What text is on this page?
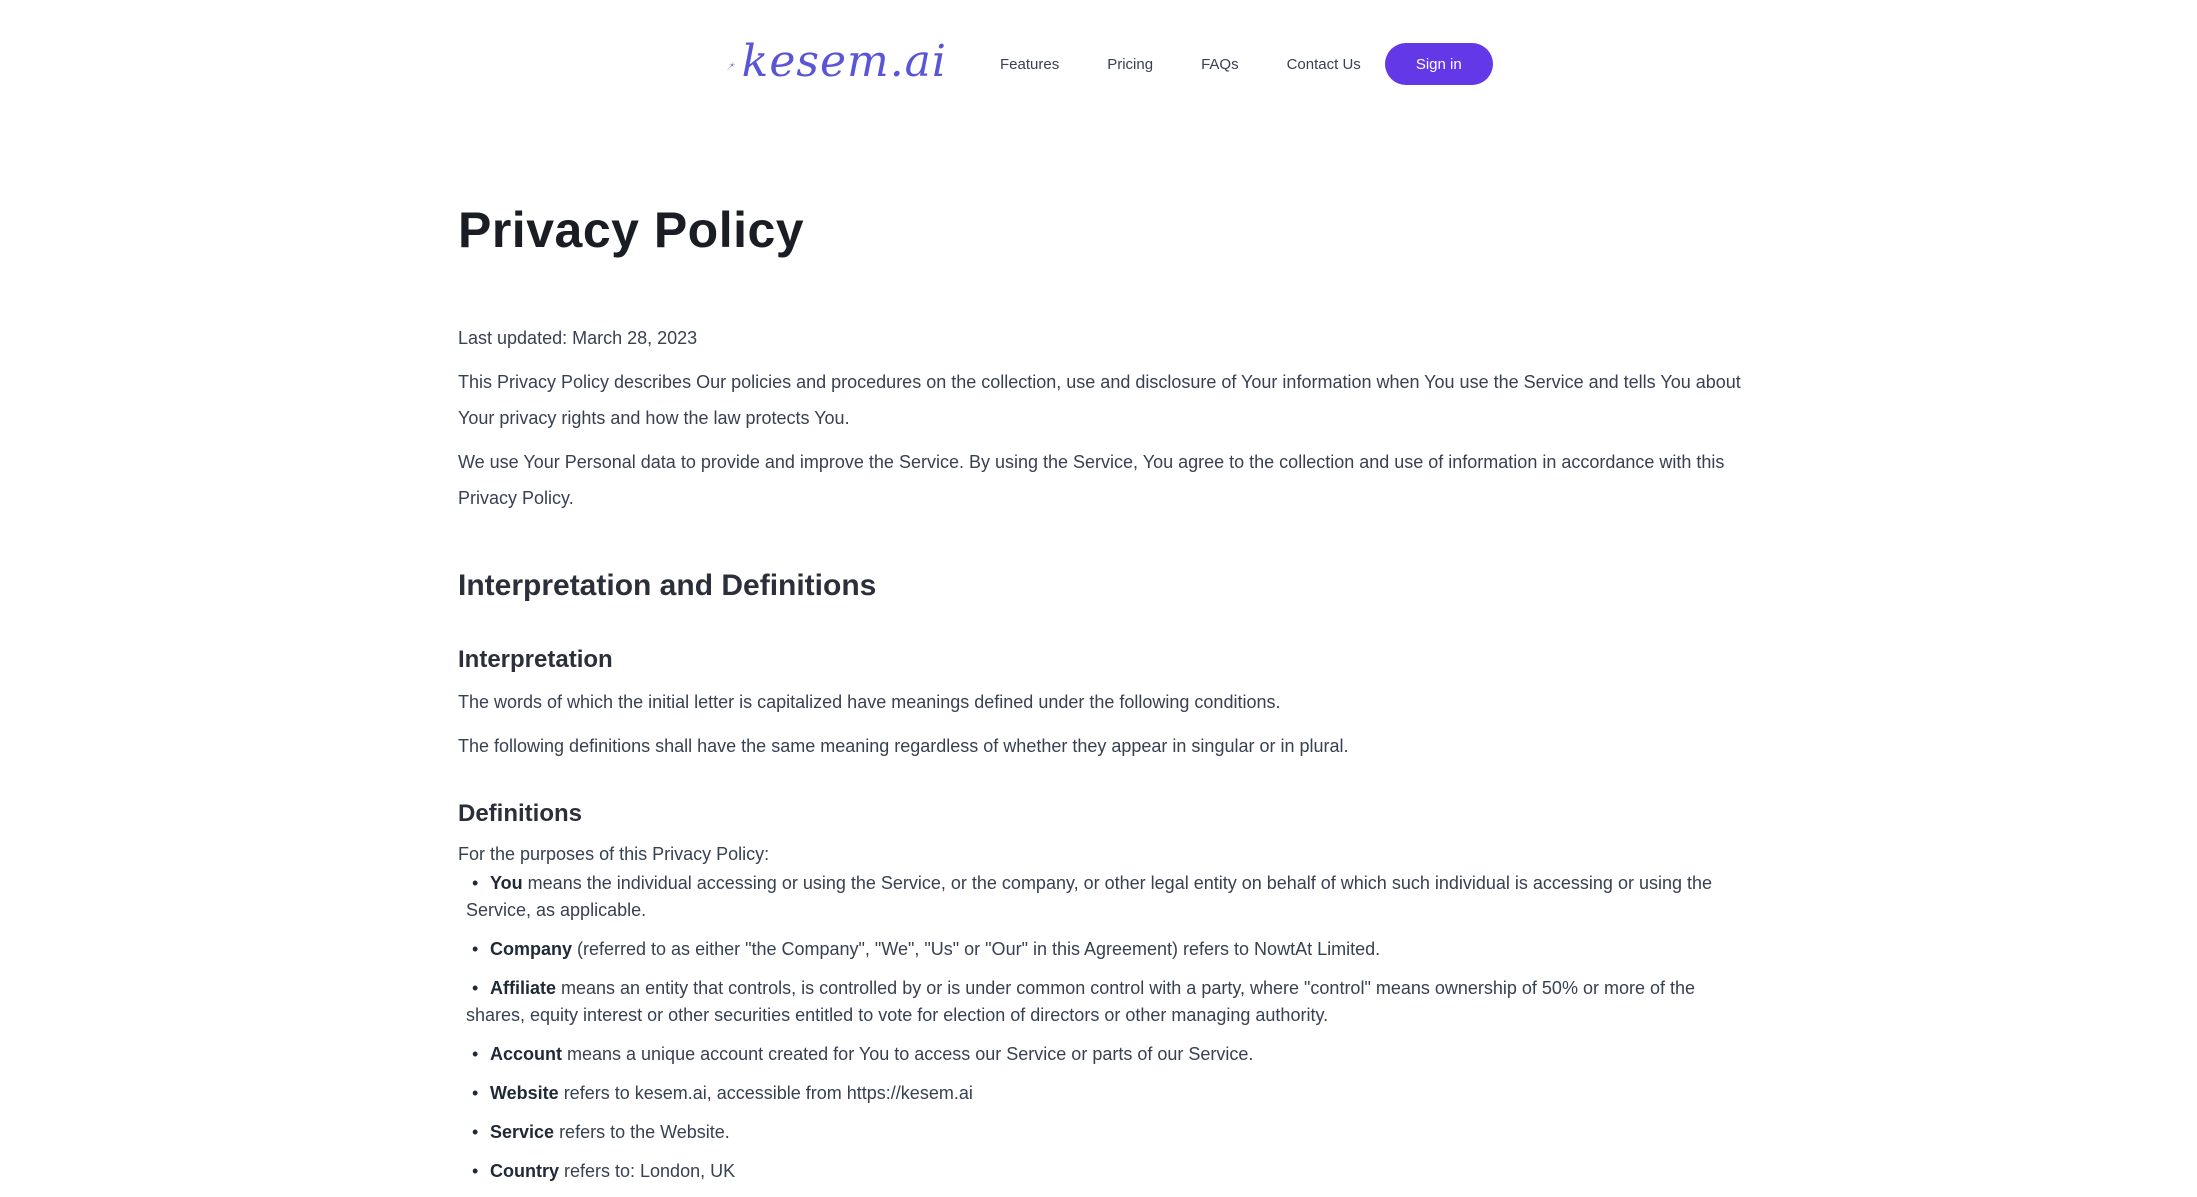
kesem.ai	Features	Pricing	FAQs	Contact Us	Sign in
Privacy Policy

Last updated: March 28, 2023

This Privacy Policy describes Our policies and procedures on the collection, use and disclosure of Your information when You use the Service and tells You about Your privacy rights and how the law protects You.

We use Your Personal data to provide and improve the Service. By using the Service, You agree to the collection and use of information in accordance with this Privacy Policy.

Interpretation and Definitions
Interpretation

The words of which the initial letter is capitalized have meanings defined under the following conditions.

The following definitions shall have the same meaning regardless of whether they appear in singular or in plural.

Definitions

For the purposes of this Privacy Policy:

• You means the individual accessing or using the Service, or the company, or other legal entity on behalf of which such individual is accessing or using the Service, as applicable.
• Company (referred to as either "the Company", "We", "Us" or "Our" in this Agreement) refers to NowtAt Limited.
• Affiliate means an entity that controls, is controlled by or is under common control with a party, where "control" means ownership of 50% or more of the shares, equity interest or other securities entitled to vote for election of directors or other managing authority.
• Account means a unique account created for You to access our Service or parts of our Service.
• Website refers to kesem.ai, accessible from https://kesem.ai
• Service refers to the Website.
• Country refers to: London, UK
